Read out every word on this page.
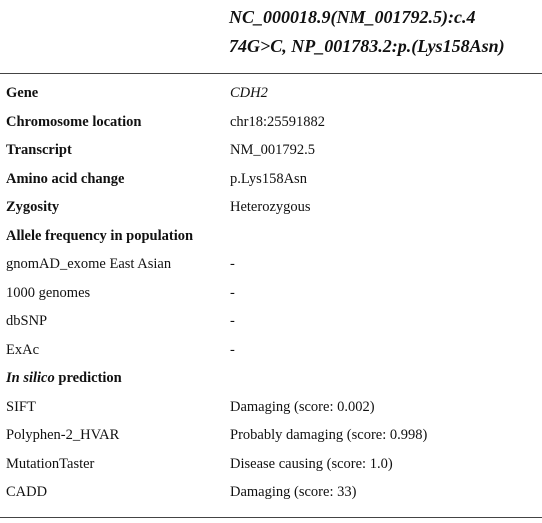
NC_000018.9(NM_001792.5):c.4
74G>C, NP_001783.2:p.(Lys158Asn)
Gene	CDH2
Chromosome location	chr18:25591882
Transcript	NM_001792.5
Amino acid change	p.Lys158Asn
Zygosity	Heterozygous
Allele frequency in population
gnomAD_exome East Asian	-
1000 genomes	-
dbSNP	-
ExAc	-
In silico prediction
SIFT	Damaging (score: 0.002)
Polyphen-2_HVAR	Probably damaging (score: 0.998)
MutationTaster	Disease causing (score: 1.0)
CADD	Damaging (score: 33)
